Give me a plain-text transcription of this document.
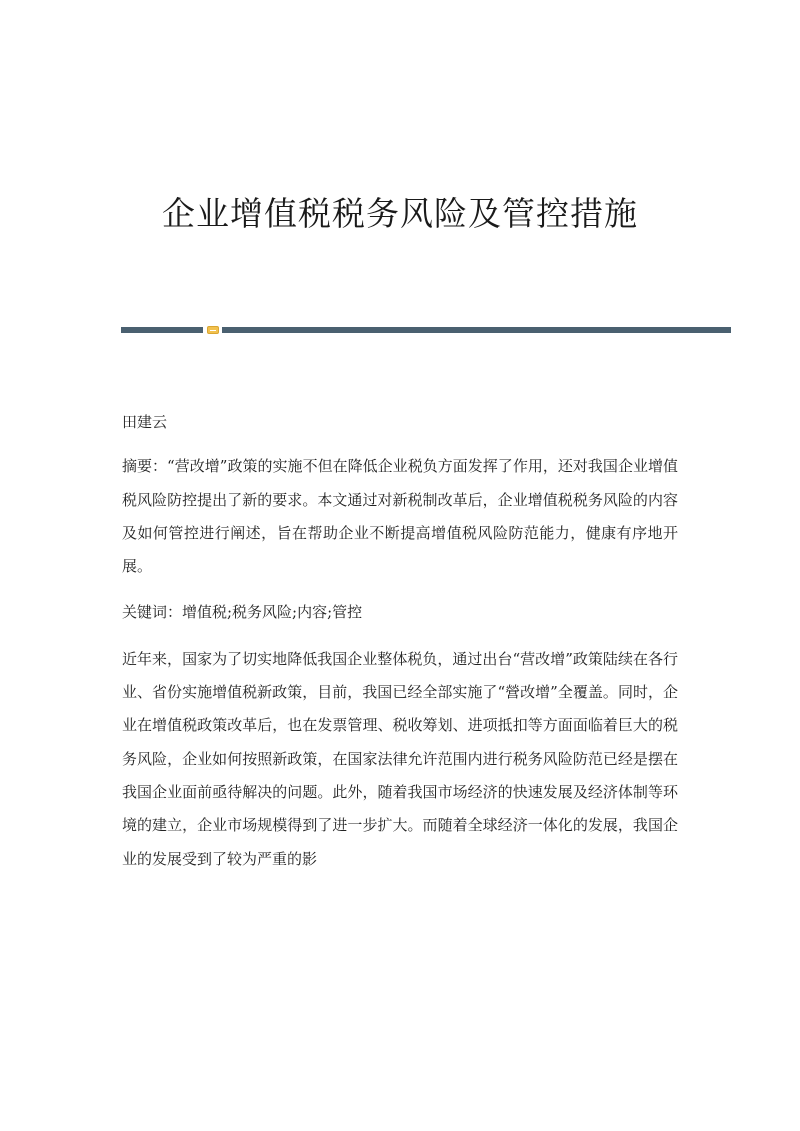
企业增值税税务风险及管控措施

田建云

摘要：“营改增”政策的实施不但在降低企业税负方面发挥了作用，还对我国企业增值税风险防控提出了新的要求。本文通过对新税制改革后，企业增值税税务风险的内容及如何管控进行阐述，旨在帮助企业不断提高增值税风险防范能力，健康有序地开展。

关键词：增值税;税务风险;内容;管控

近年来，国家为了切实地降低我国企业整体税负，通过出台“营改增”政策陆续在各行业、省份实施增值税新政策，目前，我国已经全部实施了“營改增”全覆盖。同时，企业在增值税政策改革后，也在发票管理、税收筹划、进项抵扣等方面面临着巨大的税务风险，企业如何按照新政策，在国家法律允许范围内进行税务风险防范已经是摆在我国企业面前亟待解决的问题。此外，随着我国市场经济的快速发展及经济体制等环境的建立，企业市场规模得到了进一步扩大。而随着全球经济一体化的发展，我国企业的发展受到了较为严重的影
